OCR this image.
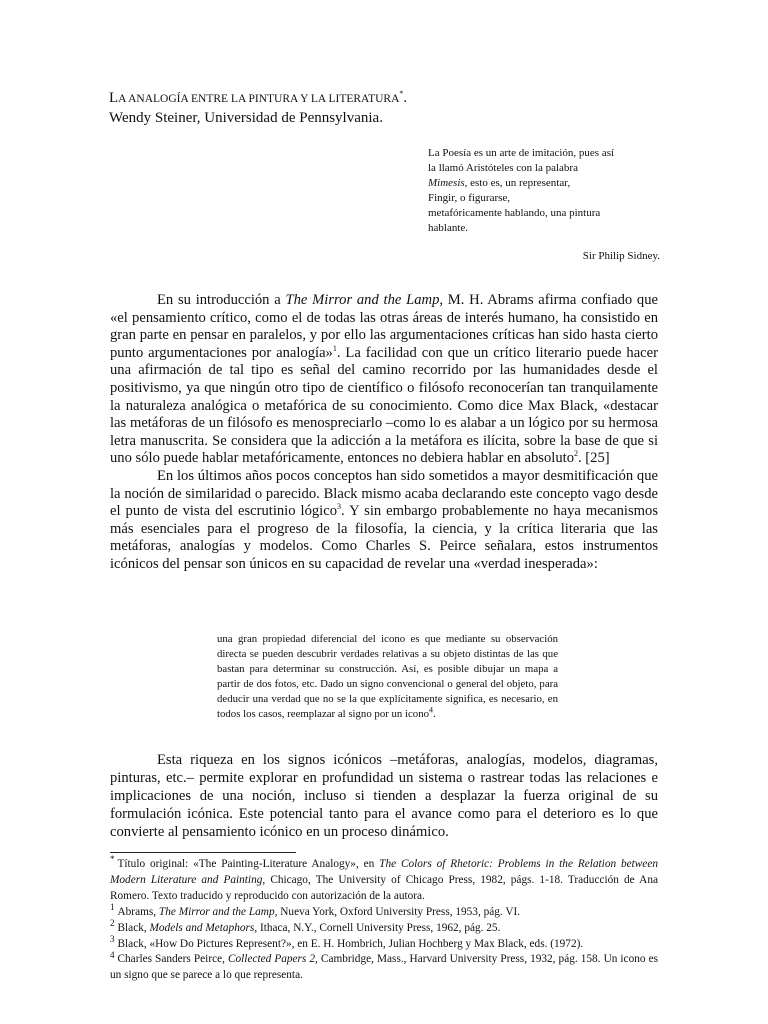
LA ANALOGÍA ENTRE LA PINTURA Y LA LITERATURA*.

Wendy Steiner, Universidad de Pennsylvania.

La Poesía es un arte de imitación, pues así

la llamó Aristóteles con la palabra

Mimesis, esto es, un representar,

Fingir, o figurarse,

metafóricamente hablando, una pintura

hablante.

Sir Philip Sidney.

En su introducción a The Mirror and the Lamp, M. H. Abrams afirma confiado que «el pensamiento crítico, como el de todas las otras áreas de interés humano, ha consistido en gran parte en pensar en paralelos, y por ello las argumentaciones críticas han sido hasta cierto punto argumentaciones por analogía»$^1$. La facilidad con que un crítico literario puede hacer una afirmación de tal tipo es señal del camino recorrido por las humanidades desde el positivismo, ya que ningún otro tipo de científico o filósofo reconocerían tan tranquilamente la naturaleza analógica o metafórica de su conocimiento. Como dice Max Black, «destacar las metáforas de un filósofo es menospreciarlo –como lo es alabar a un lógico por su hermosa letra manuscrita. Se considera que la adicción a la metáfora es ilícita, sobre la base de que si uno sólo puede hablar metafóricamente, entonces no debiera hablar en absoluto$^2$. [25]

En los últimos años pocos conceptos han sido sometidos a mayor desmitificación que la noción de similaridad o parecido. Black mismo acaba declarando este concepto vago desde el punto de vista del escrutinio lógico$^3$. Y sin embargo probablemente no haya mecanismos más esenciales para el progreso de la filosofía, la ciencia, y la crítica literaria que las metáforas, analogías y modelos. Como Charles S. Peirce señalara, estos instrumentos icónicos del pensar son únicos en su capacidad de revelar una «verdad inesperada»:

una gran propiedad diferencial del icono es que mediante su observación directa se pueden descubrir verdades relativas a su objeto distintas de las que bastan para determinar su construcción. Así, es posible dibujar un mapa a partir de dos fotos, etc. Dado un signo convencional o general del objeto, para deducir una verdad que no se la que explícitamente significa, es necesario, en todos los casos, reemplazar al signo por un icono$^4$.

Esta riqueza en los signos icónicos –metáforas, analogías, modelos, diagramas, pinturas, etc.– permite explorar en profundidad un sistema o rastrear todas las relaciones e implicaciones de una noción, incluso si tienden a desplazar la fuerza original de su formulación icónica. Este potencial tanto para el avance como para el deterioro es lo que convierte al pensamiento icónico en un proceso dinámico.

* Título original: «The Painting-Literature Analogy», en The Colors of Rhetoric: Problems in the Relation between Modern Literature and Painting, Chicago, The University of Chicago Press, 1982, págs. 1-18. Traducción de Ana Romero. Texto traducido y reproducido con autorización de la autora.

$^1$ Abrams, The Mirror and the Lamp, Nueva York, Oxford University Press, 1953, pág. VI.

$^2$ Black, Models and Metaphors, Ithaca, N.Y., Cornell University Press, 1962, pág. 25.

$^3$ Black, «How Do Pictures Represent?», en E. H. Hombrich, Julian Hochberg y Max Black, eds. (1972).

$^4$ Charles Sanders Peirce, Collected Papers 2, Cambridge, Mass., Harvard University Press, 1932, pág. 158. Un icono es un signo que se parece a lo que representa.
